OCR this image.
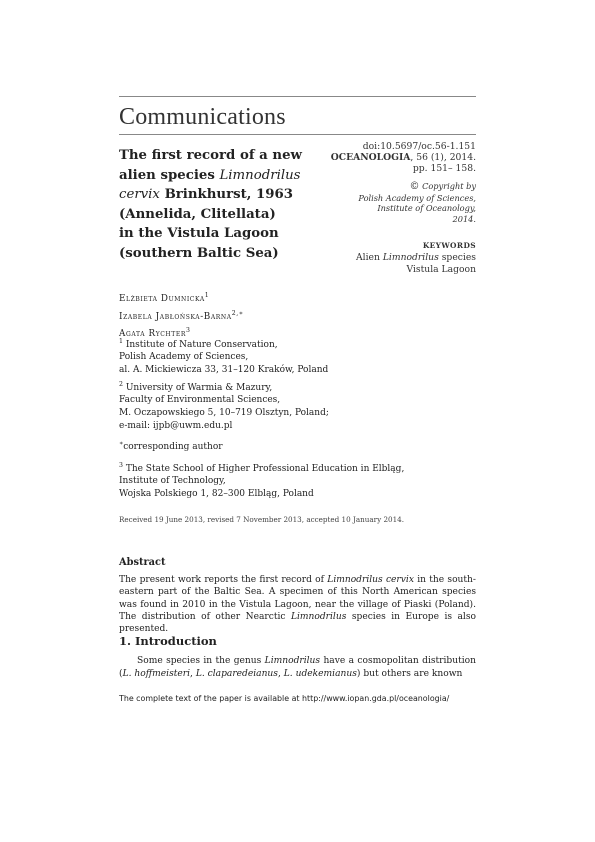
Communications
The first record of a new
alien species Limnodrilus
cervix Brinkhurst, 1963
(Annelida, Clitellata)
in the Vistula Lagoon
(southern Baltic Sea)
doi:10.5697/oc.56-1.151
OCEANOLOGIA, 56 (1), 2014.
pp. 151– 158.
© Copyright by
Polish Academy of Sciences,
Institute of Oceanology,
2014.
KEYWORDS
Alien Limnodrilus species
Vistula Lagoon
Elżbieta Dumnicka$^1$
Izabela Jabłońska-Barna$^{2,∗}$
Agata Rychter$^3$
$^1$ Institute of Nature Conservation,
Polish Academy of Sciences,
al. A. Mickiewicza 33, 31–120 Kraków, Poland
$^2$ University of Warmia & Mazury,
Faculty of Environmental Sciences,
M. Oczapowskiego 5, 10–719 Olsztyn, Poland;
e-mail: ijpb@uwm.edu.pl
∗corresponding author
$^3$ The State School of Higher Professional Education in Elbląg,
Institute of Technology,
Wojska Polskiego 1, 82–300 Elbląg, Poland
Received 19 June 2013, revised 7 November 2013, accepted 10 January 2014.
Abstract
The present work reports the first record of Limnodrilus cervix in the south-eastern part of the Baltic Sea. A specimen of this North American species was found in 2010 in the Vistula Lagoon, near the village of Piaski (Poland). The distribution of other Nearctic Limnodrilus species in Europe is also presented.
1. Introduction
Some species in the genus Limnodrilus have a cosmopolitan distribution (L. hoffmeisteri, L. claparedeianus, L. udekemianus) but others are known
The complete text of the paper is available at http://www.iopan.gda.pl/oceanologia/
